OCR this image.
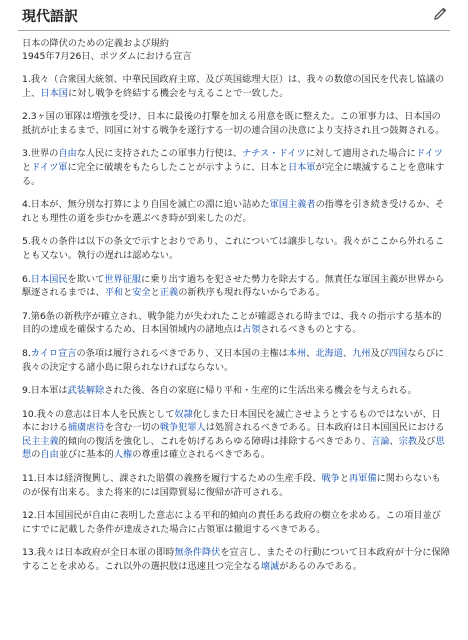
現代語訳

日本の降伏のための定義および規約

1945年7月26日、ポツダムにおける宣言

1.我々（合衆国大統領、中華民国政府主席、及び英国総理大臣）は、我々の数億の国民を代表し協議の上、日本国に対し戦争を終結する機会を与えることで一致した。

2.3ヶ国の軍隊は増強を受け、日本に最後の打撃を加える用意を既に整えた。この軍事力は、日本国の抵抗が止まるまで、同国に対する戦争を遂行する一切の連合国の決意により支持され且つ鼓舞される。

3.世界の自由な人民に支持されたこの軍事力行使は、ナチス・ドイツに対して適用された場合にドイツとドイツ軍に完全に破壊をもたらしたことが示すように、日本と日本軍が完全に壊滅することを意味する。

4.日本が、無分別な打算により自国を滅亡の淵に追い詰めた軍国主義者の指導を引き続き受けるか、それとも理性の道を歩むかを選ぶべき時が到来したのだ。

5.我々の条件は以下の条文で示すとおりであり、これについては譲歩しない。我々がここから外れることも又ない。執行の遅れは認めない。

6.日本国民を欺いて世界征服に乗り出す過ちを犯させた勢力を除去する。無責任な軍国主義が世界から駆逐されるまでは、平和と安全と正義の新秩序も現れ得ないからである。

7.第6条の新秩序が確立され、戦争能力が失われたことが確認される時までは、我々の指示する基本的目的の達成を確保するため、日本国領域内の諸地点は占領されるべきものとする。

8.カイロ宣言の条項は履行されるべきであり、又日本国の主権は本州、北海道、九州及び四国ならびに我々の決定する諸小島に限られなければならない。

9.日本軍は武装解除された後、各自の家庭に帰り平和・生産的に生活出来る機会を与えられる。

10.我々の意志は日本人を民族として奴隷化しまた日本国民を滅亡させようとするものではないが、日本における捕虜虐待を含む一切の戦争犯罪人は処罰されるべきである。日本政府は日本国国民における民主主義的傾向の復活を強化し、これを妨げるあらゆる障碍は排除するべきであり、言論、宗教及び思想の自由並びに基本的人権の尊重は確立されるべきである。

11.日本は経済復興し、課された賠償の義務を履行するための生産手段、戦争と再軍備に関わらないものが保有出来る。また将来的には国際貿易に復帰が許可される。

12.日本国国民が自由に表明した意志による平和的傾向の責任ある政府の樹立を求める。この項目並びにすでに記載した条件が達成された場合に占領軍は撤退するべきである。

13.我々は日本政府が全日本軍の即時無条件降伏を宣言し、またその行動について日本政府が十分に保障することを求める。これ以外の選択肢は迅速且つ完全なる壊滅があるのみである。
